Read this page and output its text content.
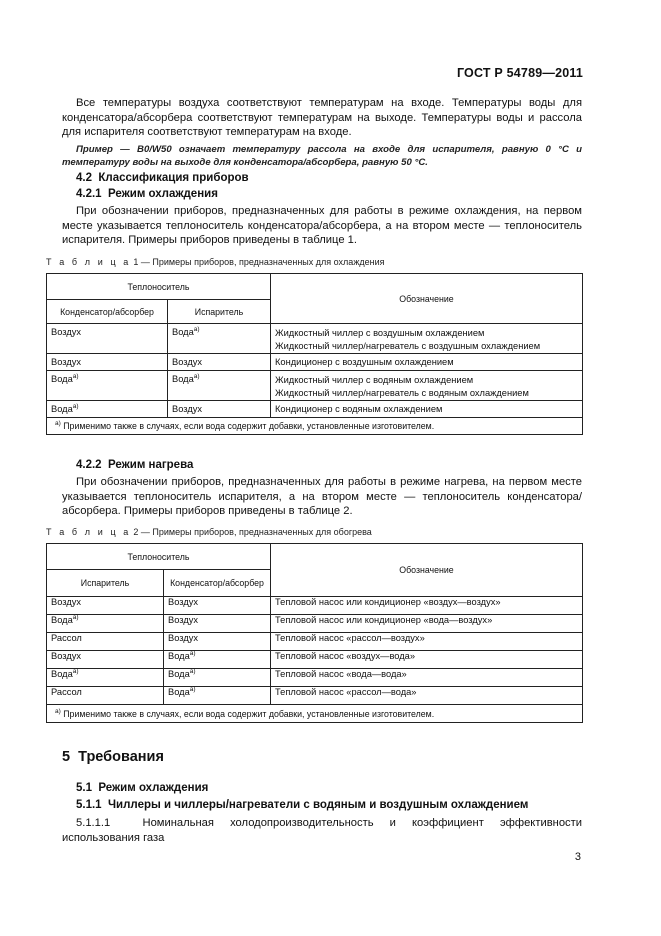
ГОСТ Р 54789—2011
Все температуры воздуха соответствуют температурам на входе. Температуры воды для конденсатора/абсорбера соответствуют температурам на выходе. Температуры воды и рассола для испарителя соответствуют температурам на входе.
Пример — B0/W50 означает температуру рассола на входе для испарителя, равную 0 °С и температуру воды на выходе для конденсатора/абсорбера, равную 50 °С.
4.2 Классификация приборов
4.2.1 Режим охлаждения
При обозначении приборов, предназначенных для работы в режиме охлаждения, на первом месте указывается теплоноситель конденсатора/абсорбера, а на втором месте — теплоноситель испарителя. Примеры приборов приведены в таблице 1.
Т а б л и ц а 1 — Примеры приборов, предназначенных для охлаждения
Теплоноситель		Обозначение
Конденсатор/абсорбер	Испаритель	
Воздух	Вода$^{а)}$	Жидкостный чиллер с воздушным охлаждением
Жидкостный чиллер/нагреватель с воздушным охлаждением

Воздух	Воздух	Кондиционер с воздушным охлаждением

Вода$^{а)}$	Вода$^{а)}$	Жидкостный чиллер с водяным охлаждением
Жидкостный чиллер/нагреватель с водяным охлаждением

Вода$^{а)}$	Воздух	Кондиционер с водяным охлаждением

$^{а)}$ Применимо также в случаях, если вода содержит добавки, установленные изготовителем.		
4.2.2 Режим нагрева
При обозначении приборов, предназначенных для работы в режиме нагрева, на первом месте указывается теплоноситель испарителя, а на втором месте — теплоноситель конденсатора/абсорбера. Примеры приборов приведены в таблице 2.
Т а б л и ц а 2 — Примеры приборов, предназначенных для обогрева
Теплоноситель		Обозначение
Испаритель	Конденсатор/абсорбер	
Воздух	Воздух	Тепловой насос или кондиционер «воздух—воздух»
Вода$^{а)}$	Воздух	Тепловой насос или кондиционер «вода—воздух»
Рассол	Воздух	Тепловой насос «рассол—воздух»
Воздух	Вода$^{а)}$	Тепловой насос «воздух—вода»
Вода$^{а)}$	Вода$^{а)}$	Тепловой насос «вода—вода»
Рассол	Вода$^{а)}$	Тепловой насос «рассол—вода»
$^{а)}$ Применимо также в случаях, если вода содержит добавки, установленные изготовителем.		
5 Требования
5.1 Режим охлаждения
5.1.1 Чиллеры и чиллеры/нагреватели с водяным и воздушным охлаждением
5.1.1.1	Номинальная холодопроизводительность и коэффициент эффективности использования газа
3
